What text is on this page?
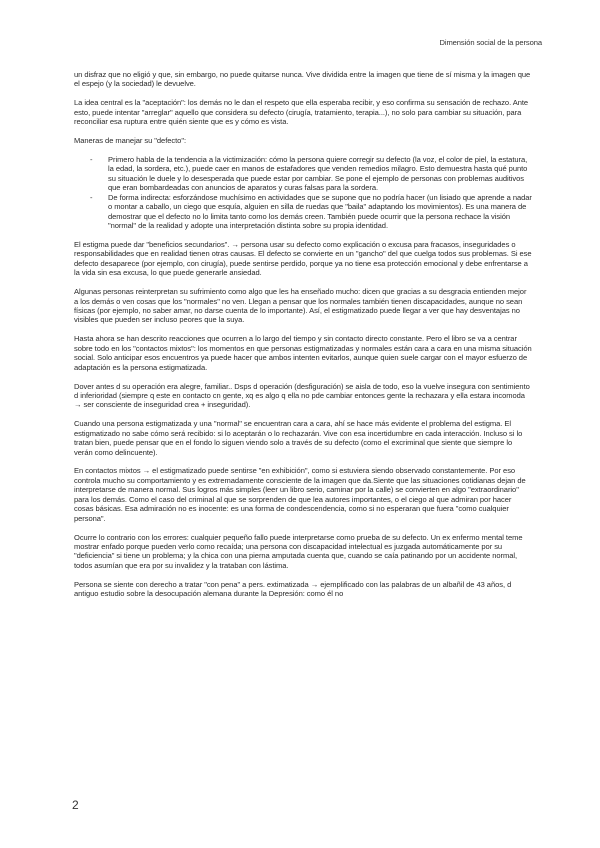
Dimensión social de la persona

un disfraz que no eligió y que, sin embargo, no puede quitarse nunca. Vive dividida entre la imagen que tiene de sí misma y la imagen que el espejo (y la sociedad) le devuelve.

La idea central es la "aceptación": los demás no le dan el respeto que ella esperaba recibir, y eso confirma su sensación de rechazo. Ante esto, puede intentar "arreglar" aquello que considera su defecto (cirugía, tratamiento, terapia...), no solo para cambiar su situación, para reconciliar esa ruptura entre quién siente que es y cómo es vista.

Maneras de manejar su "defecto":

- Primero habla de la tendencia a la victimización: cómo la persona quiere corregir su defecto (la voz, el color de piel, la estatura, la edad, la sordera, etc.), puede caer en manos de estafadores que venden remedios milagro. Esto demuestra hasta qué punto su situación le duele y lo desesperada que puede estar por cambiar. Se pone el ejemplo de personas con problemas auditivos que eran bombardeadas con anuncios de aparatos y curas falsas para la sordera.
- De forma indirecta: esforzándose muchísimo en actividades que se supone que no podría hacer (un lisiado que aprende a nadar o montar a caballo, un ciego que esquía, alguien en silla de ruedas que "baila" adaptando los movimientos). Es una manera de demostrar que el defecto no lo limita tanto como los demás creen. También puede ocurrir que la persona rechace la visión "normal" de la realidad y adopte una interpretación distinta sobre su propia identidad.

El estigma puede dar "beneficios secundarios". → persona usar su defecto como explicación o excusa para fracasos, inseguridades o responsabilidades que en realidad tienen otras causas. El defecto se convierte en un "gancho" del que cuelga todos sus problemas. Si ese defecto desaparece (por ejemplo, con cirugía), puede sentirse perdido, porque ya no tiene esa protección emocional y debe enfrentarse a la vida sin esa excusa, lo que puede generarle ansiedad.

Algunas personas reinterpretan su sufrimiento como algo que les ha enseñado mucho: dicen que gracias a su desgracia entienden mejor a los demás o ven cosas que los "normales" no ven. Llegan a pensar que los normales también tienen discapacidades, aunque no sean físicas (por ejemplo, no saber amar, no darse cuenta de lo importante). Así, el estigmatizado puede llegar a ver que hay desventajas no visibles que pueden ser incluso peores que la suya.

Hasta ahora se han descrito reacciones que ocurren a lo largo del tiempo y sin contacto directo constante. Pero el libro se va a centrar sobre todo en los "contactos mixtos": los momentos en que personas estigmatizadas y normales están cara a cara en una misma situación social. Solo anticipar esos encuentros ya puede hacer que ambos intenten evitarlos, aunque quien suele cargar con el mayor esfuerzo de adaptación es la persona estigmatizada.

Dover antes d su operación era alegre, familiar.. Dsps d operación (desfiguración) se aisla de todo, eso la vuelve insegura con sentimiento d inferioridad (siempre q este en contacto cn gente, xq es algo q ella no pde cambiar entonces gente la rechazara y ella estara incomoda → ser consciente de inseguridad crea + inseguridad).

Cuando una persona estigmatizada y una "normal" se encuentran cara a cara, ahí se hace más evidente el problema del estigma. El estigmatizado no sabe cómo será recibido: si lo aceptarán o lo rechazarán. Vive con esa incertidumbre en cada interacción. Incluso si lo tratan bien, puede pensar que en el fondo lo siguen viendo solo a través de su defecto (como el excriminal que siente que siempre lo verán como delincuente).

En contactos mixtos → el estigmatizado puede sentirse "en exhibición", como si estuviera siendo observado constantemente. Por eso controla mucho su comportamiento y es extremadamente consciente de la imagen que da.Siente que las situaciones cotidianas dejan de interpretarse de manera normal. Sus logros más simples (leer un libro serio, caminar por la calle) se convierten en algo "extraordinario" para los demás. Como el caso del criminal al que se sorprenden de que lea autores importantes, o el ciego al que admiran por hacer cosas básicas. Esa admiración no es inocente: es una forma de condescendencia, como si no esperaran que fuera "como cualquier persona".

Ocurre lo contrario con los errores: cualquier pequeño fallo puede interpretarse como prueba de su defecto. Un ex enfermo mental teme mostrar enfado porque pueden verlo como recaída; una persona con discapacidad intelectual es juzgada automáticamente por su "deficiencia" si tiene un problema; y la chica con una pierna amputada cuenta que, cuando se caía patinando por un accidente normal, todos asumían que era por su invalidez y la trataban con lástima.

Persona se siente con derecho a tratar "con pena" a pers. extimatizada → ejemplificado con las palabras de un albañil de 43 años, d antiguo estudio sobre la desocupación alemana durante la Depresión: como él no

2
